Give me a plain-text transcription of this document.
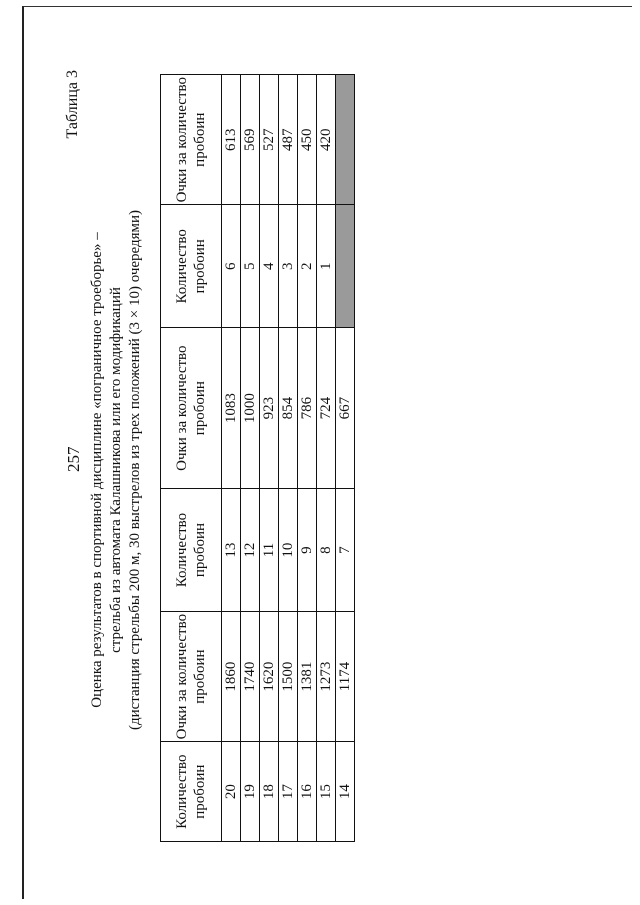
257
Таблица 3
Оценка результатов в спортивной дисциплине «пограничное троеборье» – стрельба из автомата Калашникова или его модификаций (дистанция стрельбы 200 м, 30 выстрелов из трех положений (3 × 10) очередями)
Количество пробоин	Очки за количество пробоин	Количество пробоин	Очки за количество пробоин	Количество пробоин	Очки за количество пробоин
20	1860	13	1083	6	613
19	1740	12	1000	5	569
18	1620	11	923	4	527
17	1500	10	854	3	487
16	1381	9	786	2	450
15	1273	8	724	1	420
14	1174	7	667		
